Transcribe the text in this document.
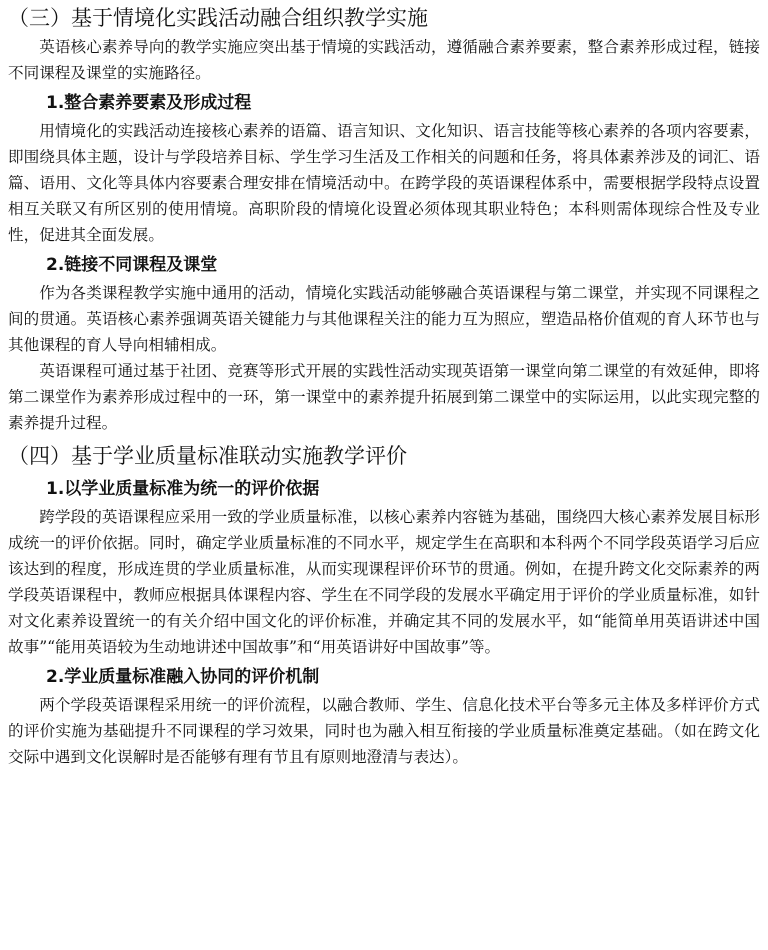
（三）基于情境化实践活动融合组织教学实施

英语核心素养导向的教学实施应突出基于情境的实践活动，遵循融合素养要素，整合素养形成过程，链接不同课程及课堂的实施路径。

1.整合素养要素及形成过程

用情境化的实践活动连接核心素养的语篇、语言知识、文化知识、语言技能等核心素养的各项内容要素，即围绕具体主题，设计与学段培养目标、学生学习生活及工作相关的问题和任务，将具体素养涉及的词汇、语篇、语用、文化等具体内容要素合理安排在情境活动中。在跨学段的英语课程体系中，需要根据学段特点设置相互关联又有所区别的使用情境。高职阶段的情境化设置必须体现其职业特色；本科则需体现综合性及专业性，促进其全面发展。

2.链接不同课程及课堂

作为各类课程教学实施中通用的活动，情境化实践活动能够融合英语课程与第二课堂，并实现不同课程之间的贯通。英语核心素养强调英语关键能力与其他课程关注的能力互为照应，塑造品格价值观的育人环节也与其他课程的育人导向相辅相成。

英语课程可通过基于社团、竞赛等形式开展的实践性活动实现英语第一课堂向第二课堂的有效延伸，即将第二课堂作为素养形成过程中的一环，第一课堂中的素养提升拓展到第二课堂中的实际运用，以此实现完整的素养提升过程。

（四）基于学业质量标准联动实施教学评价
1.以学业质量标准为统一的评价依据

跨学段的英语课程应采用一致的学业质量标准，以核心素养内容链为基础，围绕四大核心素养发展目标形成统一的评价依据。同时，确定学业质量标准的不同水平，规定学生在高职和本科两个不同学段英语学习后应该达到的程度，形成连贯的学业质量标准，从而实现课程评价环节的贯通。例如，在提升跨文化交际素养的两学段英语课程中，教师应根据具体课程内容、学生在不同学段的发展水平确定用于评价的学业质量标准，如针对文化素养设置统一的有关介绍中国文化的评价标准，并确定其不同的发展水平，如“能简单用英语讲述中国故事”“能用英语较为生动地讲述中国故事”和“用英语讲好中国故事”等。

2.学业质量标准融入协同的评价机制

两个学段英语课程采用统一的评价流程，以融合教师、学生、信息化技术平台等多元主体及多样评价方式的评价实施为基础提升不同课程的学习效果，同时也为融入相互衔接的学业质量标准奠定基础。（如在跨文化交际中遇到文化误解时是否能够有理有节且有原则地澄清与表达）。
